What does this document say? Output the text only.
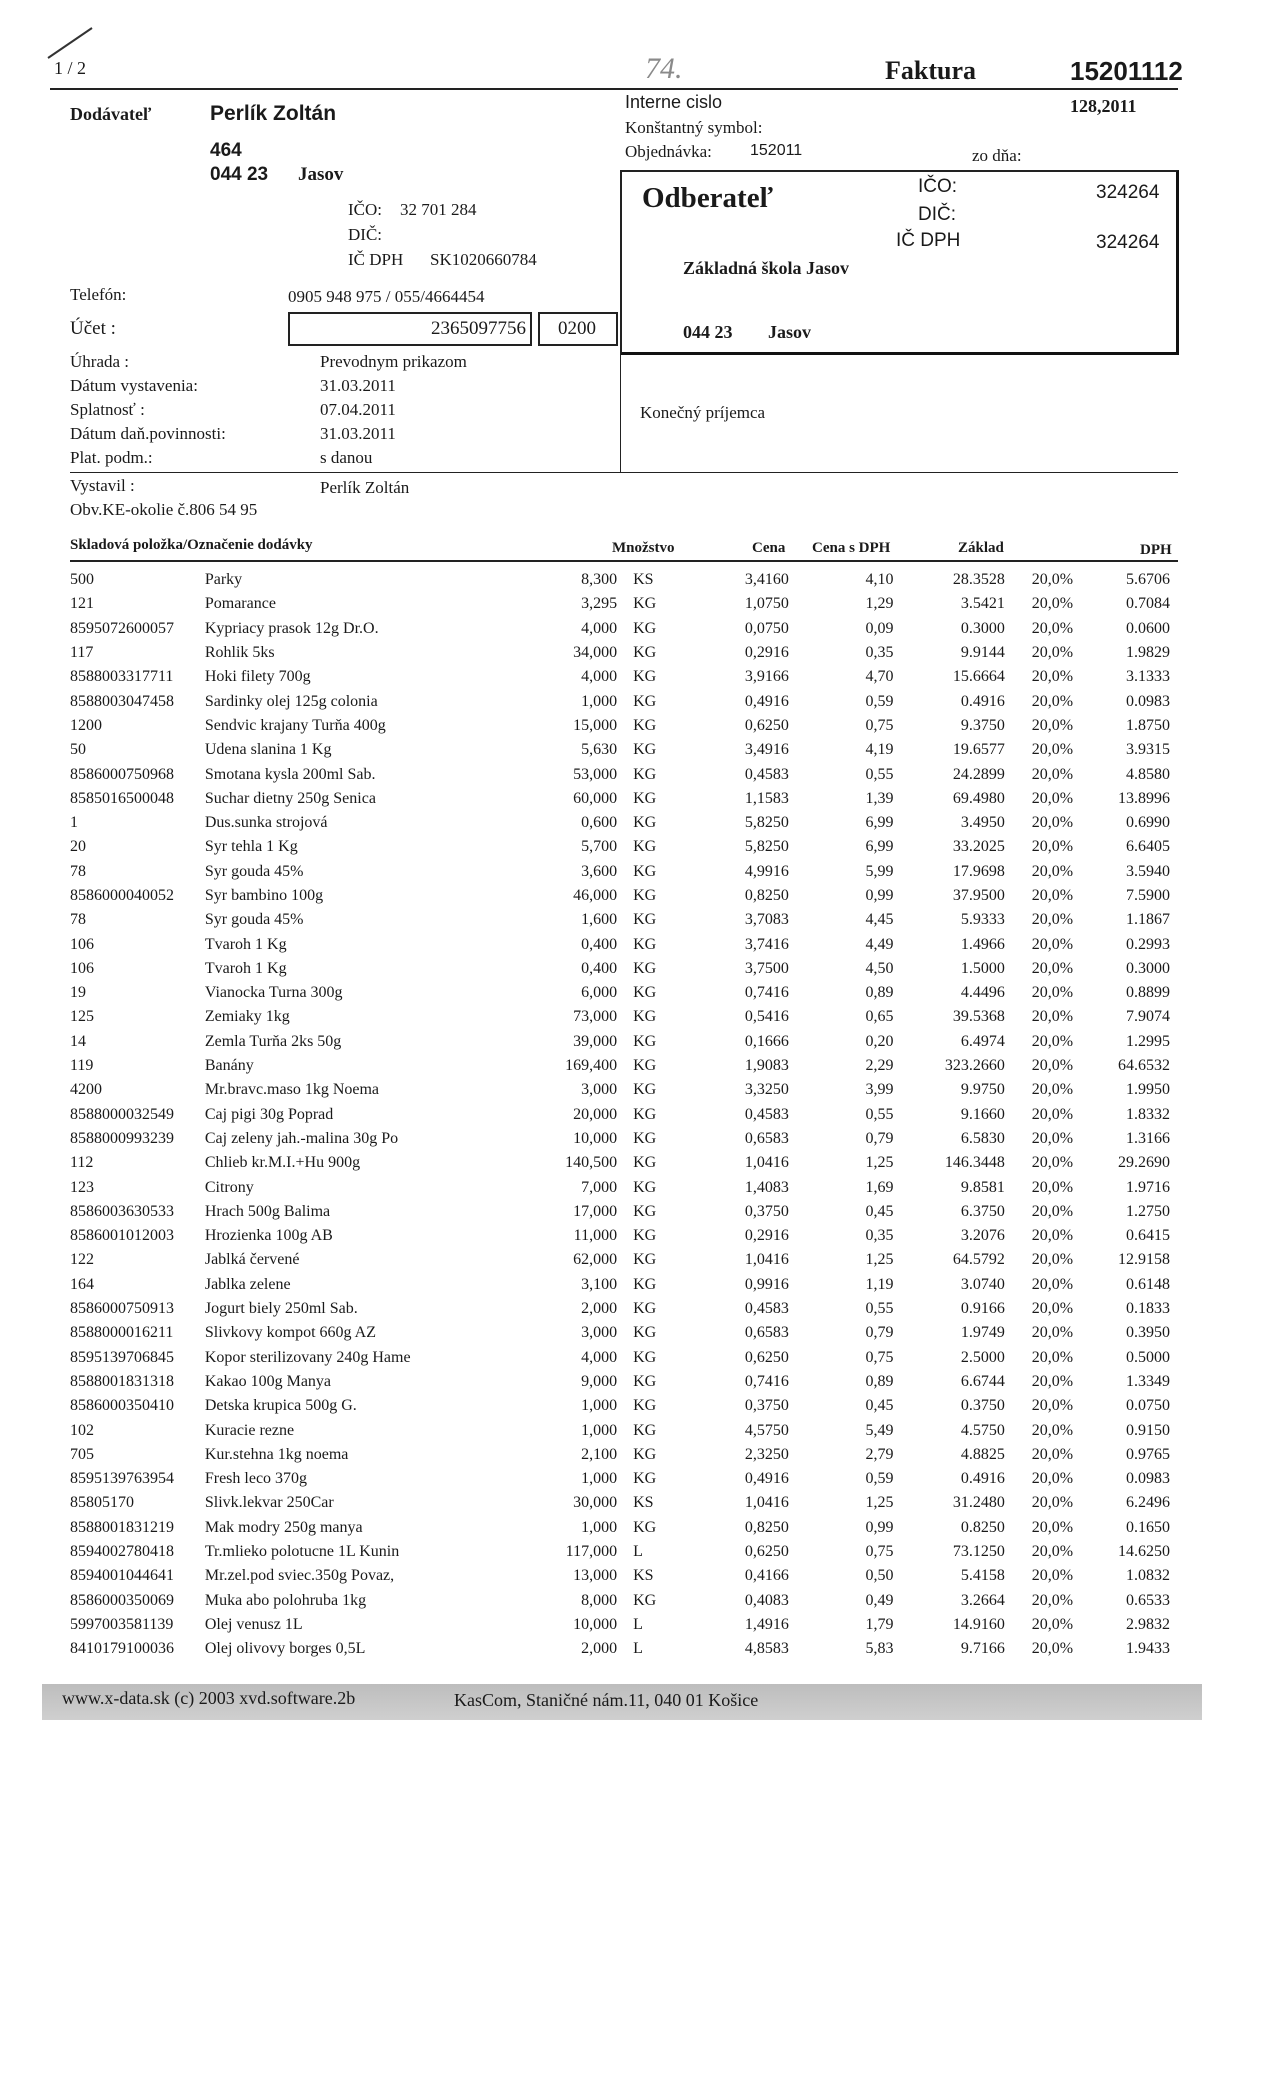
1 / 2	74.	Faktura	15201112
Dodávateľ	Perlík Zoltán
464
044 23 Jasov
IČO: 32 701 284
DIČ:
IČ DPH SK1020660784
Telefón:	0905 948 975 / 055/4664454
Účet :	2365097756 0200
Úhrada :	Prevodnym prikazom
Dátum vystavenia:	31.03.2011
Splatnosť :	07.04.2011
Dátum daň.povinnosti:	31.03.2011
Plat. podm.:	s danou
Vystavil :	Perlík Zoltán
Obv.KE-okolie č.806 54 95
Interne cislo	128,2011
Konštantný symbol:
Objednávka: 152011	zo dňa:
Odberateľ	IČO:	324264
DIČ:
IČ DPH	324264
Základná škola Jasov
044 23 Jasov
Konečný príjemca
Skladová položka/Označenie dodávky	Množstvo	Cena Cena s DPH	Základ	DPH
500	Parky	8,300	KS	3,4160	4,10	28.3528	20,0%	5.6706
121	Pomarance	3,295	KG	1,0750	1,29	3.5421	20,0%	0.7084
8595072600057	Kypriacy prasok 12g Dr.O.	4,000	KG	0,0750	0,09	0.3000	20,0%	0.0600
117	Rohlik 5ks	34,000	KG	0,2916	0,35	9.9144	20,0%	1.9829
8588003317711	Hoki filety 700g	4,000	KG	3,9166	4,70	15.6664	20,0%	3.1333
8588003047458	Sardinky olej 125g colonia	1,000	KG	0,4916	0,59	0.4916	20,0%	0.0983
1200	Sendvic krajany Turňa 400g	15,000	KG	0,6250	0,75	9.3750	20,0%	1.8750
50	Udena slanina 1 Kg	5,630	KG	3,4916	4,19	19.6577	20,0%	3.9315
8586000750968	Smotana kysla 200ml Sab.	53,000	KG	0,4583	0,55	24.2899	20,0%	4.8580
8585016500048	Suchar dietny 250g Senica	60,000	KG	1,1583	1,39	69.4980	20,0%	13.8996
1	Dus.sunka strojová	0,600	KG	5,8250	6,99	3.4950	20,0%	0.6990
20	Syr tehla 1 Kg	5,700	KG	5,8250	6,99	33.2025	20,0%	6.6405
78	Syr gouda 45%	3,600	KG	4,9916	5,99	17.9698	20,0%	3.5940
8586000040052	Syr bambino 100g	46,000	KG	0,8250	0,99	37.9500	20,0%	7.5900
78	Syr gouda 45%	1,600	KG	3,7083	4,45	5.9333	20,0%	1.1867
106	Tvaroh 1 Kg	0,400	KG	3,7416	4,49	1.4966	20,0%	0.2993
106	Tvaroh 1 Kg	0,400	KG	3,7500	4,50	1.5000	20,0%	0.3000
19	Vianocka Turna 300g	6,000	KG	0,7416	0,89	4.4496	20,0%	0.8899
125	Zemiaky 1kg	73,000	KG	0,5416	0,65	39.5368	20,0%	7.9074
14	Zemla Turňa 2ks 50g	39,000	KG	0,1666	0,20	6.4974	20,0%	1.2995
119	Banány	169,400	KG	1,9083	2,29	323.2660	20,0%	64.6532
4200	Mr.bravc.maso 1kg Noema	3,000	KG	3,3250	3,99	9.9750	20,0%	1.9950
8588000032549	Caj pigi 30g Poprad	20,000	KG	0,4583	0,55	9.1660	20,0%	1.8332
8588000993239	Caj zeleny jah.-malina 30g Po	10,000	KG	0,6583	0,79	6.5830	20,0%	1.3166
112	Chlieb kr.M.I.+Hu 900g	140,500	KG	1,0416	1,25	146.3448	20,0%	29.2690
123	Citrony	7,000	KG	1,4083	1,69	9.8581	20,0%	1.9716
8586003630533	Hrach 500g Balima	17,000	KG	0,3750	0,45	6.3750	20,0%	1.2750
8586001012003	Hrozienka 100g AB	11,000	KG	0,2916	0,35	3.2076	20,0%	0.6415
122	Jablká červené	62,000	KG	1,0416	1,25	64.5792	20,0%	12.9158
164	Jablka zelene	3,100	KG	0,9916	1,19	3.0740	20,0%	0.6148
8586000750913	Jogurt biely 250ml Sab.	2,000	KG	0,4583	0,55	0.9166	20,0%	0.1833
8588000016211	Slivkovy kompot 660g AZ	3,000	KG	0,6583	0,79	1.9749	20,0%	0.3950
8595139706845	Kopor sterilizovany 240g Hame	4,000	KG	0,6250	0,75	2.5000	20,0%	0.5000
8588001831318	Kakao 100g Manya	9,000	KG	0,7416	0,89	6.6744	20,0%	1.3349
8586000350410	Detska krupica 500g G.	1,000	KG	0,3750	0,45	0.3750	20,0%	0.0750
102	Kuracie rezne	1,000	KG	4,5750	5,49	4.5750	20,0%	0.9150
705	Kur.stehna 1kg noema	2,100	KG	2,3250	2,79	4.8825	20,0%	0.9765
8595139763954	Fresh leco 370g	1,000	KG	0,4916	0,59	0.4916	20,0%	0.0983
85805170	Slivk.lekvar 250Car	30,000	KS	1,0416	1,25	31.2480	20,0%	6.2496
8588001831219	Mak modry 250g manya	1,000	KG	0,8250	0,99	0.8250	20,0%	0.1650
8594002780418	Tr.mlieko polotucne 1L Kunin	117,000	L	0,6250	0,75	73.1250	20,0%	14.6250
8594001044641	Mr.zel.pod sviec.350g Povaz,	13,000	KS	0,4166	0,50	5.4158	20,0%	1.0832
8586000350069	Muka abo polohruba 1kg	8,000	KG	0,4083	0,49	3.2664	20,0%	0.6533
5997003581139	Olej venusz 1L	10,000	L	1,4916	1,79	14.9160	20,0%	2.9832
8410179100036	Olej olivovy borges 0,5L	2,000	L	4,8583	5,83	9.7166	20,0%	1.9433
www.x-data.sk (c) 2003 xvd.software.2b	KasCom, Staničné nám.11, 040 01 Košice
